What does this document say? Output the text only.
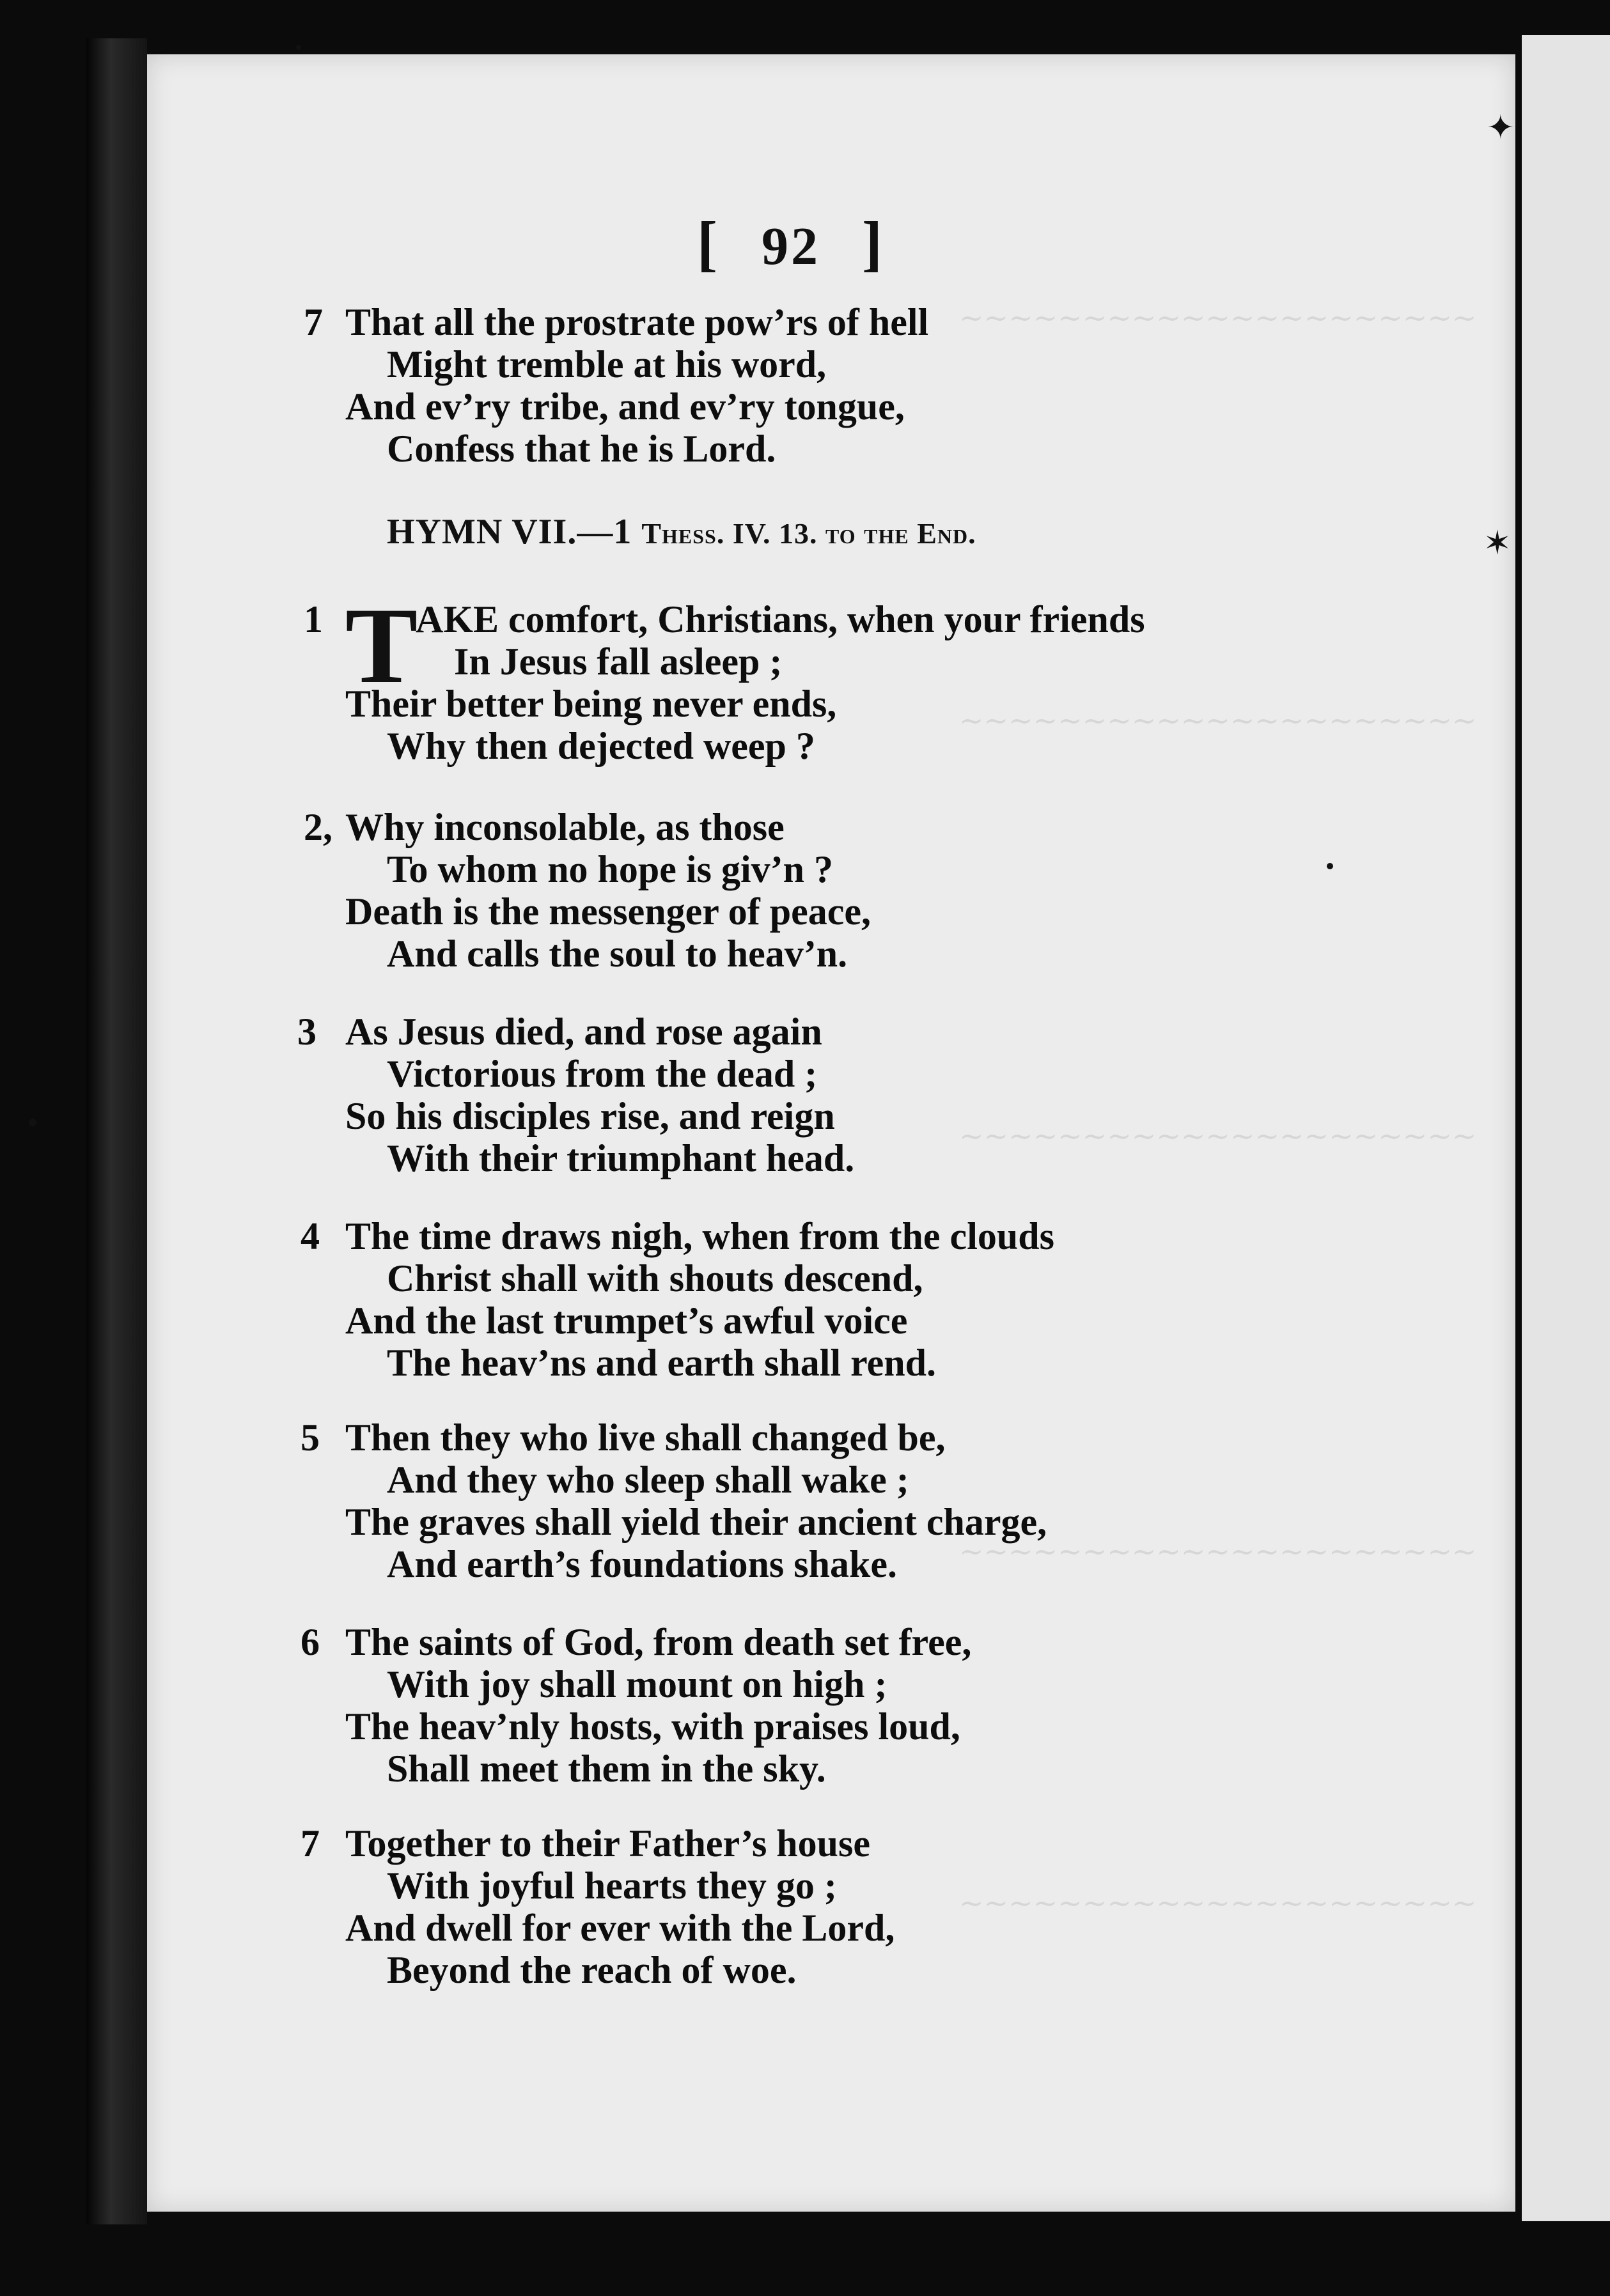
~~~~~~~~~~~~~~~~~~~~~
~~~~~~~~~~~~~~~~~~~~~
~~~~~~~~~~~~~~~~~~~~~
~~~~~~~~~~~~~~~~~~~~~
~~~~~~~~~~~~~~~~~~~~~
✦
✶
[ 92 ]
7 That all the prostrate pow’rs of hell
Might tremble at his word,
And ev’ry tribe, and ev’ry tongue,
Confess that he is Lord.
HYMN VII.—1 Thess. IV. 13. to the End.
1 T
AKE comfort, Christians, when your friends
In Jesus fall asleep ;
Their better being never ends,
Why then dejected weep ?
2, Why inconsolable, as those
To whom no hope is giv’n ?
Death is the messenger of peace,
And calls the soul to heav’n.
3 As Jesus died, and rose again
Victorious from the dead ;
So his disciples rise, and reign
With their triumphant head.
4 The time draws nigh, when from the clouds
Christ shall with shouts descend,
And the last trumpet’s awful voice
The heav’ns and earth shall rend.
5 Then they who live shall changed be,
And they who sleep shall wake ;
The graves shall yield their ancient charge,
And earth’s foundations shake.
6 The saints of God, from death set free,
With joy shall mount on high ;
The heav’nly hosts, with praises loud,
Shall meet them in the sky.
7 Together to their Father’s house
With joyful hearts they go ;
And dwell for ever with the Lord,
Beyond the reach of woe.
